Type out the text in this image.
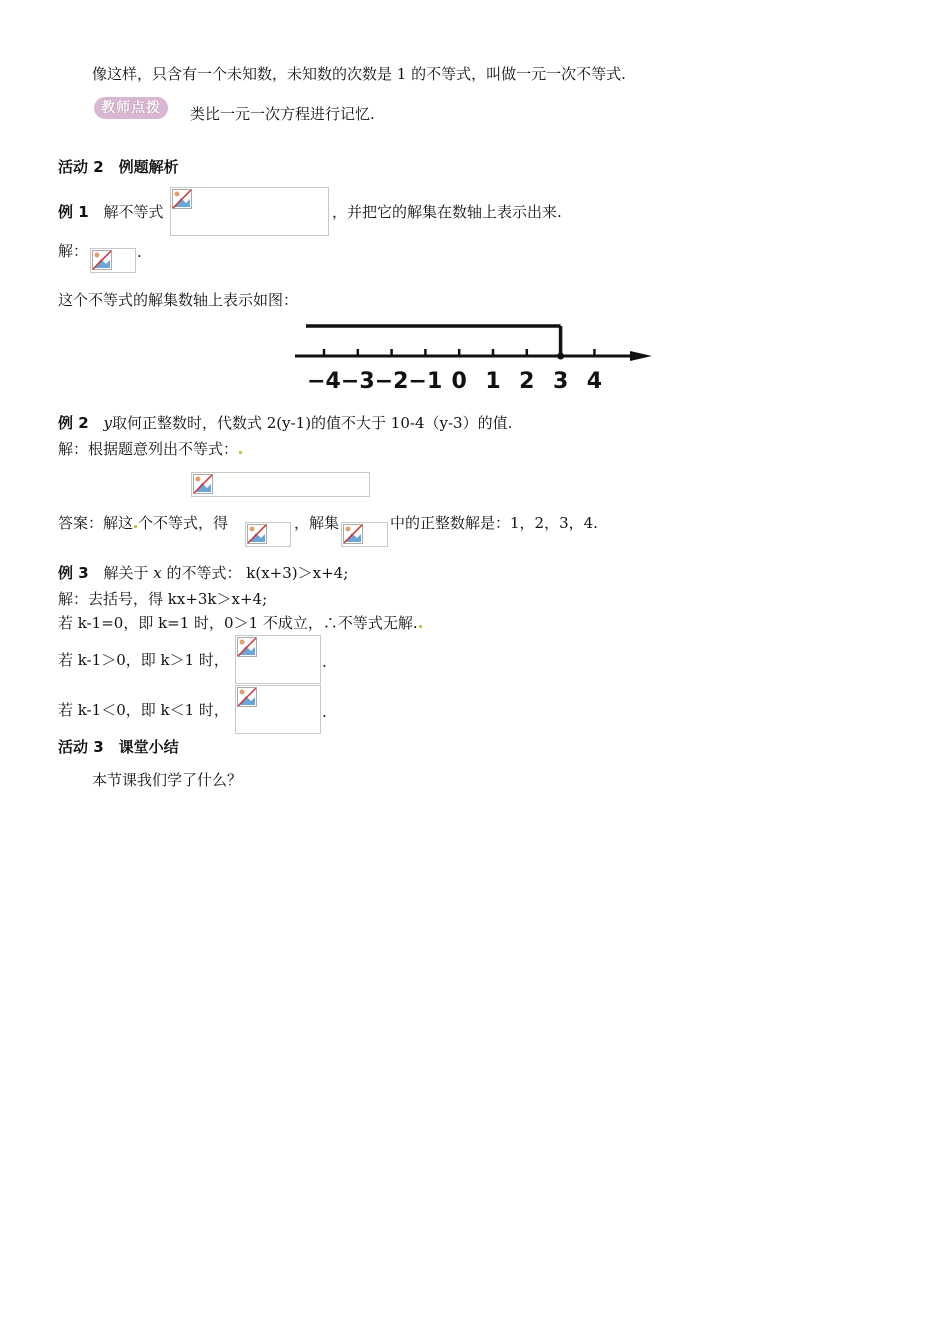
像这样，只含有一个未知数，未知数的次数是 1 的不等式，叫做一元一次不等式.
教师点拨	类比一元一次方程进行记忆.
活动 2　例题解析
例 1 解不等式	，并把它的解集在数轴上表示出来.
解：	.
这个不等式的解集数轴上表示如图：
−4 −3 −2 −1 0 1 2 3 4
例 2 y取何正整数时，代数式 2(y-1)的值不大于 10-4（y-3）的值.
解：根据题意列出不等式：
答案：解这 个不等式，得	，解集	中的正整数解是：1，2，3，4.
例 3 解关于 x 的不等式： k(x+3)＞x+4;
解：去括号，得 kx+3k＞x+4;
若 k-1=0，即 k=1 时，0＞1 不成立，∴不等式无解.
若 k-1＞0，即 k＞1 时，	.
若 k-1＜0，即 k＜1 时，	.
活动 3　课堂小结
本节课我们学了什么？
